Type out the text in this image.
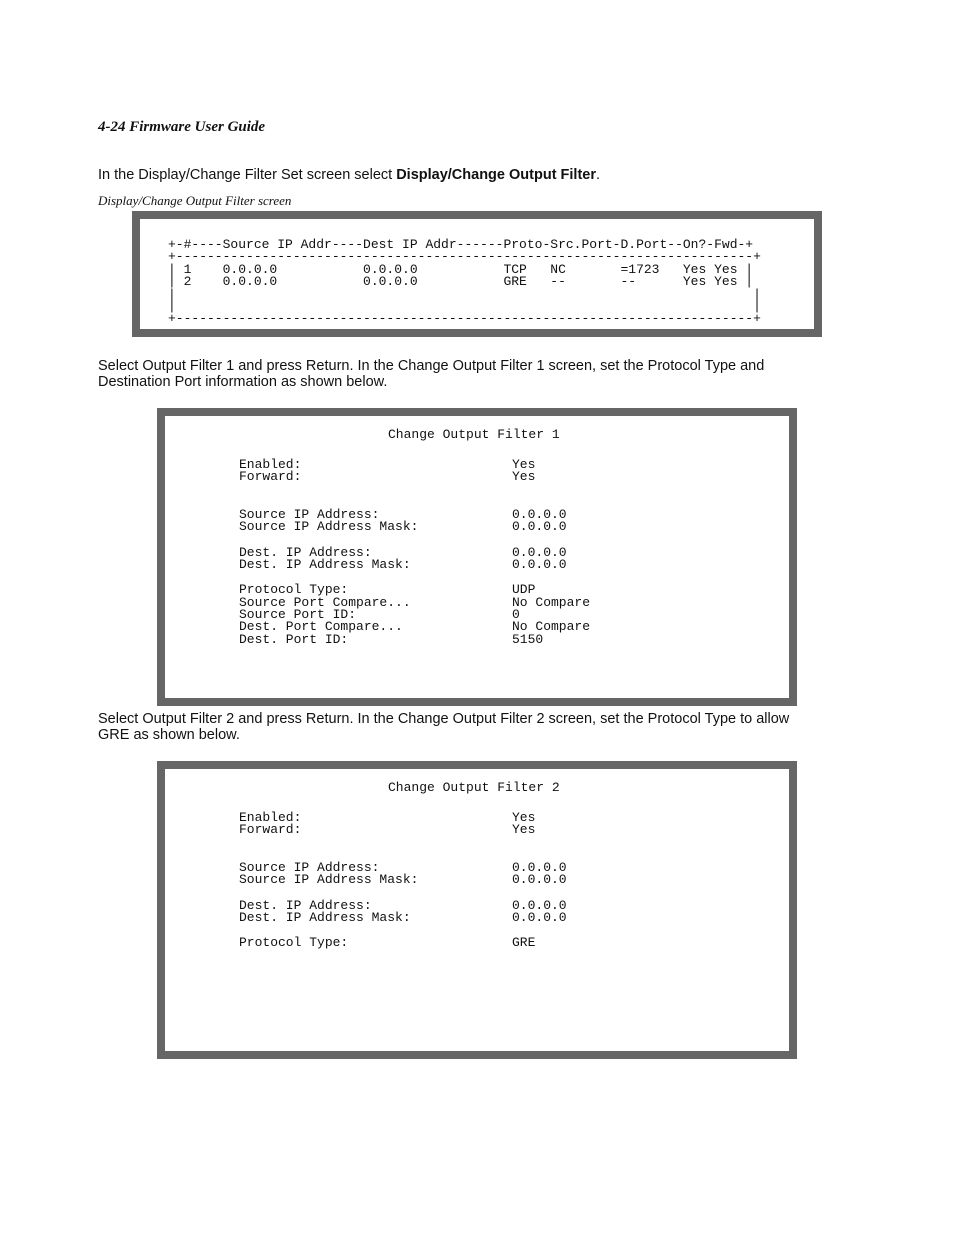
4-24 Firmware User Guide
In the Display/Change Filter Set screen select Display/Change Output Filter.
Display/Change Output Filter screen
+-#----Source IP Addr----Dest IP Addr------Proto-Src.Port-D.Port--On?-Fwd-+
+--------------------------------------------------------------------------+
| 1    0.0.0.0           0.0.0.0           TCP   NC       =1723   Yes Yes |
| 2    0.0.0.0           0.0.0.0           GRE   --       --      Yes Yes |
|                                                                          |
|                                                                          |
+--------------------------------------------------------------------------+
Select Output Filter 1 and press Return. In the Change Output Filter 1 screen, set the Protocol Type and
Destination Port information as shown below.
Change Output Filter 1
Enabled:	Yes
Forward:	Yes
Source IP Address:	0.0.0.0
Source IP Address Mask:	0.0.0.0
Dest. IP Address:	0.0.0.0
Dest. IP Address Mask:	0.0.0.0
Protocol Type:	UDP
Source Port Compare...	No Compare
Source Port ID:	0
Dest. Port Compare...	No Compare
Dest. Port ID:	5150
Select Output Filter 2 and press Return. In the Change Output Filter 2 screen, set the Protocol Type to allow
GRE as shown below.
Change Output Filter 2
Enabled:	Yes
Forward:	Yes
Source IP Address:	0.0.0.0
Source IP Address Mask:	0.0.0.0
Dest. IP Address:	0.0.0.0
Dest. IP Address Mask:	0.0.0.0
Protocol Type:	GRE
